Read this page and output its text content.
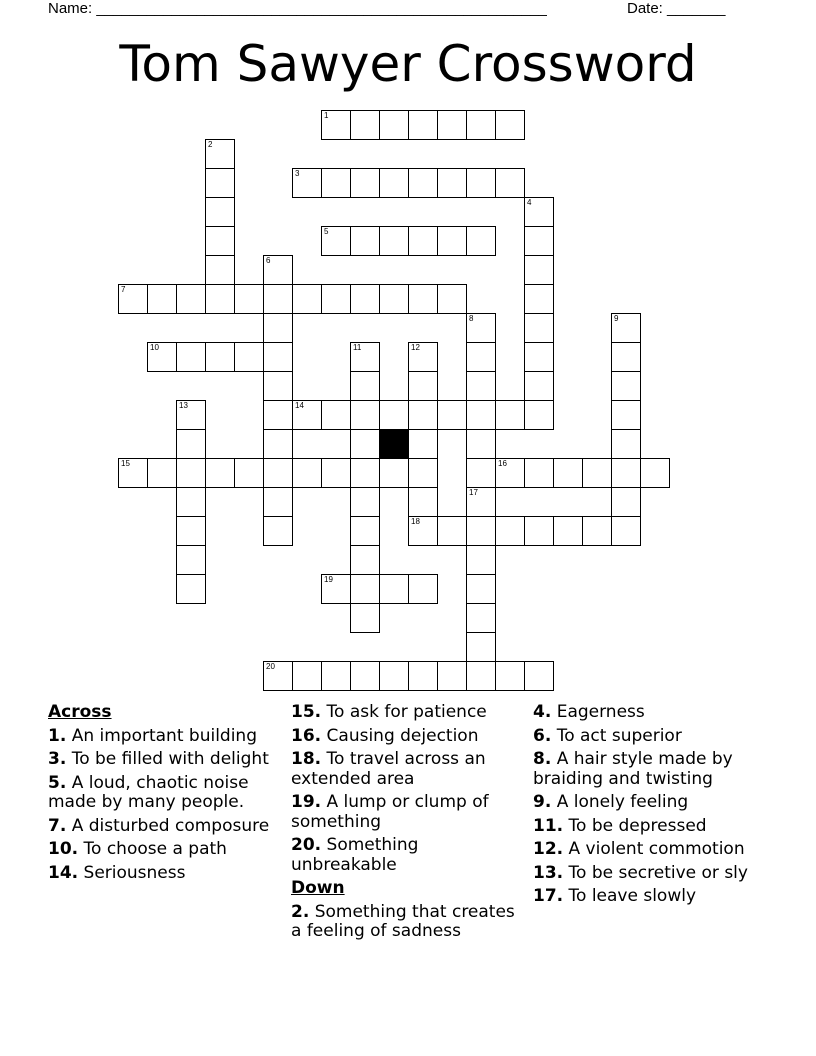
Name: ______________________________________________________	Date: _______
Tom Sawyer Crossword
1
2
3
4
5
6
7
8
17
9
10	11	12
18
13	14
15	16
19
20
Across
1. An important building
3. To be filled with delight
5. A loud, chaotic noise made by many people.
7. A disturbed composure
10. To choose a path
14. Seriousness
15. To ask for patience
16. Causing dejection
18. To travel across an extended area
19. A lump or clump of something
20. Something unbreakable
Down
2. Something that creates a feeling of sadness
4. Eagerness
6. To act superior
8. A hair style made by braiding and twisting
9. A lonely feeling
11. To be depressed
12. A violent commotion
13. To be secretive or sly
17. To leave slowly
